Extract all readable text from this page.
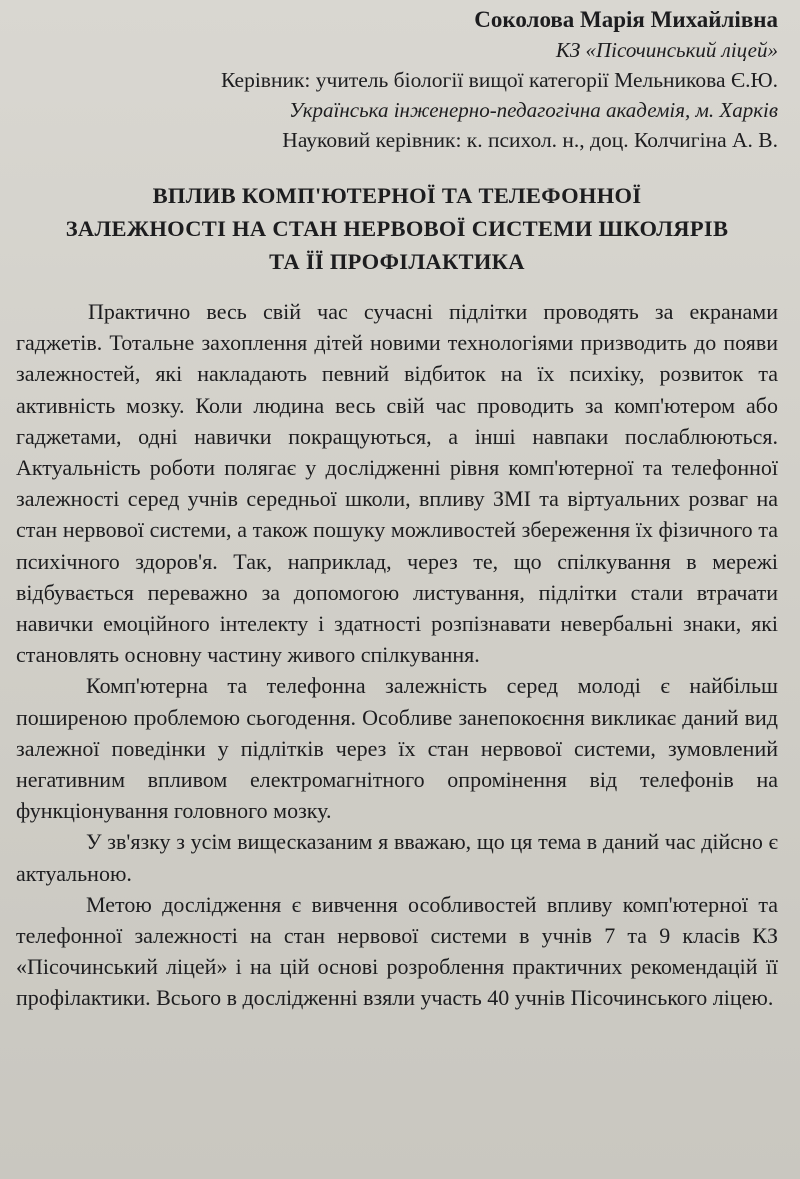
Соколова Марія Михайлівна

КЗ «Пісочинський ліцей»

Керівник: учитель біології вищої категорії Мельникова Є.Ю.

Українська інженерно-педагогічна академія, м. Харків

Науковий керівник: к. психол. н., доц. Колчигіна А. В.

ВПЛИВ КОМП'ЮТЕРНОЇ ТА ТЕЛЕФОННОЇ
ЗАЛЕЖНОСТІ НА СТАН НЕРВОВОЇ СИСТЕМИ ШКОЛЯРІВ
ТА ЇЇ ПРОФІЛАКТИКА

Практично весь свій час сучасні підлітки проводять за екранами гаджетів. Тотальне захоплення дітей новими технологіями призводить до появи залежностей, які накладають певний відбиток на їх психіку, розвиток та активність мозку. Коли людина весь свій час проводить за комп'ютером або гаджетами, одні навички покращуються, а інші навпаки послаблюються. Актуальність роботи полягає у дослідженні рівня комп'ютерної та телефонної залежності серед учнів середньої школи, впливу ЗМІ та віртуальних розваг на стан нервової системи, а також пошуку можливостей збереження їх фізичного та психічного здоров'я. Так, наприклад, через те, що спілкування в мережі відбувається переважно за допомогою листування, підлітки стали втрачати навички емоційного інтелекту і здатності розпізнавати невербальні знаки, які становлять основну частину живого спілкування.

Комп'ютерна та телефонна залежність серед молоді є найбільш поширеною проблемою сьогодення. Особливе занепокоєння викликає даний вид залежної поведінки у підлітків через їх стан нервової системи, зумовлений негативним впливом електромагнітного опромінення від телефонів на функціонування головного мозку.

У зв'язку з усім вищесказаним я вважаю, що ця тема в даний час дійсно є актуальною.

Метою дослідження є вивчення особливостей впливу комп'ютерної та телефонної залежності на стан нервової системи в учнів 7 та 9 класів КЗ «Пісочинський ліцей» і на цій основі розроблення практичних рекомендацій її профілактики. Всього в дослідженні взяли участь 40 учнів Пісочинського ліцею.
